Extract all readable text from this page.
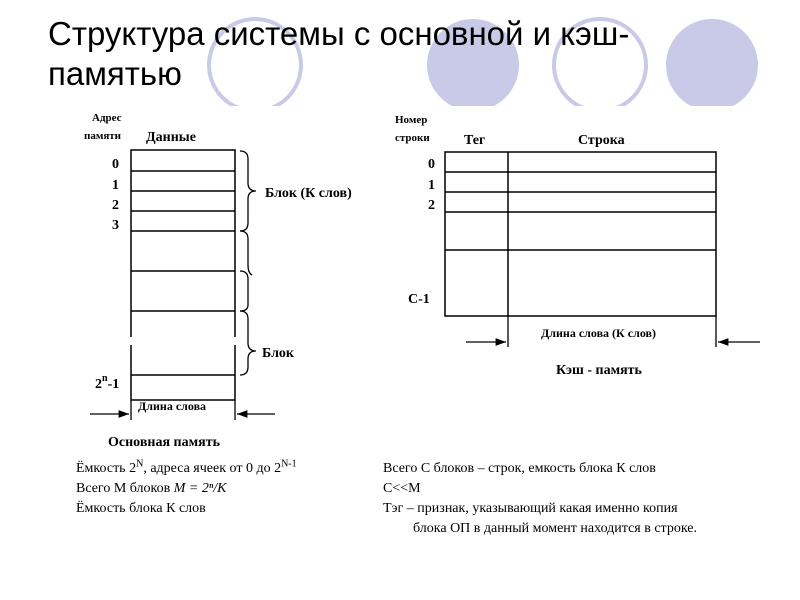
Структура системы с основной и кэш-
памятью
Адрес
памяти Данные
0
1
2
3
2$^n$-1
Блок (К слов)
Блок
Длина слова
Основная память
Номер
строки Тег	Строка
0
1
2
C-1
Длина слова (К слов)
Кэш - память

Ёмкость $2^N$, адреса ячеек от 0 до $2^{N-1}$

Всего М блоков M = 2ⁿ/K

Ёмкость блока К слов

Всего С блоков – строк, емкость блока К слов

C<<M

Тэг – признак, указывающий какая именно копия

блока ОП в данный момент находится в строке.
